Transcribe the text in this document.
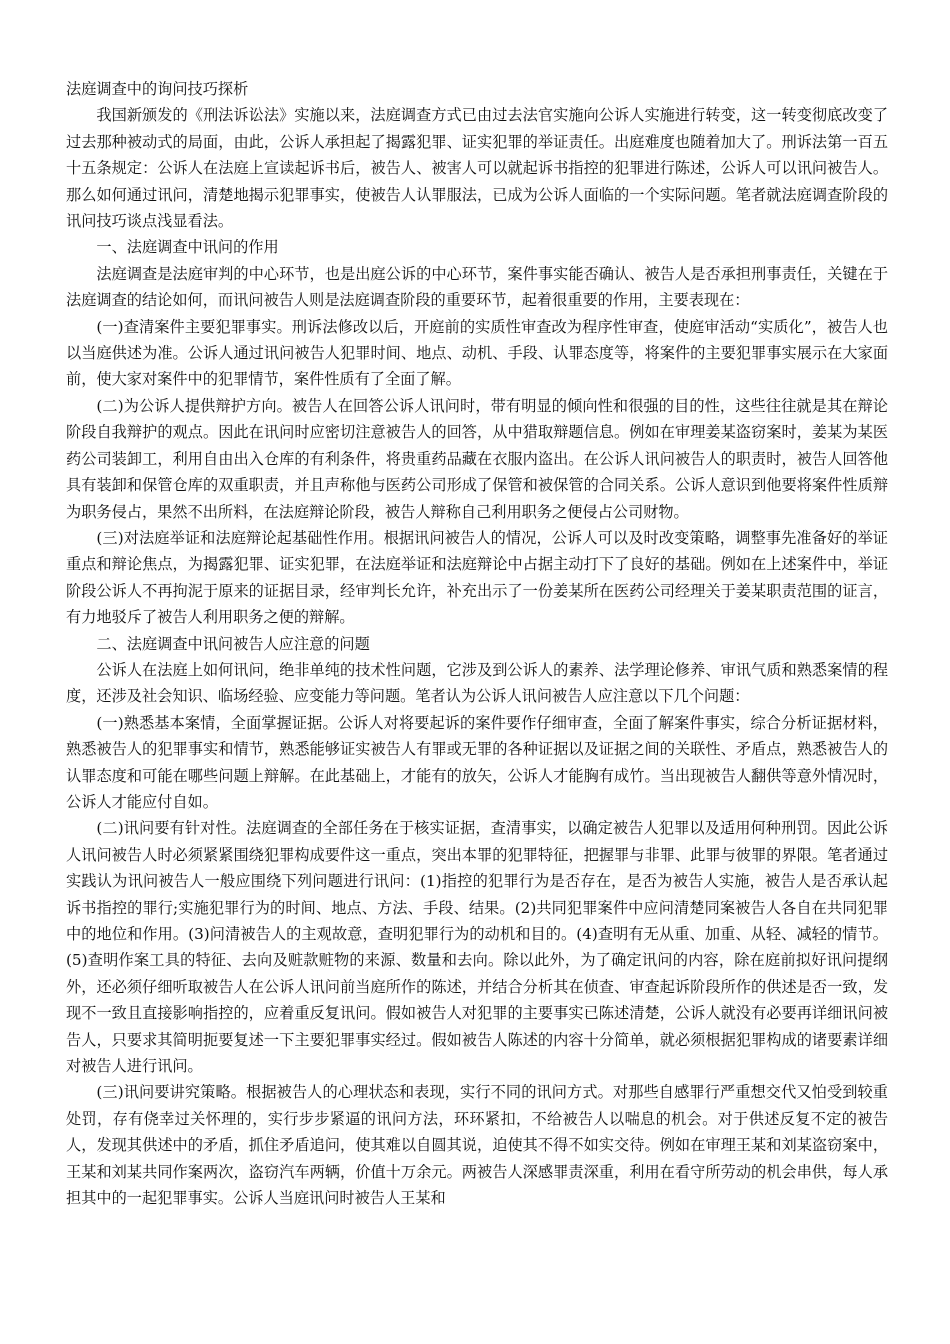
法庭调查中的询问技巧探析

我国新颁发的《刑法诉讼法》实施以来，法庭调查方式已由过去法官实施向公诉人实施进行转变，这一转变彻底改变了过去那种被动式的局面，由此，公诉人承担起了揭露犯罪、证实犯罪的举证责任。出庭难度也随着加大了。刑诉法第一百五十五条规定：公诉人在法庭上宣读起诉书后，被告人、被害人可以就起诉书指控的犯罪进行陈述，公诉人可以讯问被告人。那么如何通过讯问，清楚地揭示犯罪事实，使被告人认罪服法，已成为公诉人面临的一个实际问题。笔者就法庭调查阶段的讯问技巧谈点浅显看法。

一、法庭调查中讯问的作用

法庭调查是法庭审判的中心环节，也是出庭公诉的中心环节，案件事实能否确认、被告人是否承担刑事责任，关键在于法庭调查的结论如何，而讯问被告人则是法庭调查阶段的重要环节，起着很重要的作用，主要表现在：

(一)查清案件主要犯罪事实。刑诉法修改以后，开庭前的实质性审查改为程序性审查，使庭审活动“实质化”，被告人也以当庭供述为准。公诉人通过讯问被告人犯罪时间、地点、动机、手段、认罪态度等，将案件的主要犯罪事实展示在大家面前，使大家对案件中的犯罪情节，案件性质有了全面了解。

(二)为公诉人提供辩护方向。被告人在回答公诉人讯问时，带有明显的倾向性和很强的目的性，这些往往就是其在辩论阶段自我辩护的观点。因此在讯问时应密切注意被告人的回答，从中猎取辩题信息。例如在审理姜某盗窃案时，姜某为某医药公司装卸工，利用自由出入仓库的有利条件，将贵重药品藏在衣服内盗出。在公诉人讯问被告人的职责时，被告人回答他具有装卸和保管仓库的双重职责，并且声称他与医药公司形成了保管和被保管的合同关系。公诉人意识到他要将案件性质辩为职务侵占，果然不出所料，在法庭辩论阶段，被告人辩称自己利用职务之便侵占公司财物。

(三)对法庭举证和法庭辩论起基础性作用。根据讯问被告人的情况，公诉人可以及时改变策略，调整事先准备好的举证重点和辩论焦点，为揭露犯罪、证实犯罪，在法庭举证和法庭辩论中占据主动打下了良好的基础。例如在上述案件中，举证阶段公诉人不再拘泥于原来的证据目录，经审判长允许，补充出示了一份姜某所在医药公司经理关于姜某职责范围的证言，有力地驳斥了被告人利用职务之便的辩解。

二、法庭调查中讯问被告人应注意的问题

公诉人在法庭上如何讯问，绝非单纯的技术性问题，它涉及到公诉人的素养、法学理论修养、审讯气质和熟悉案情的程度，还涉及社会知识、临场经验、应变能力等问题。笔者认为公诉人讯问被告人应注意以下几个问题：

(一)熟悉基本案情，全面掌握证据。公诉人对将要起诉的案件要作仔细审查，全面了解案件事实，综合分析证据材料，熟悉被告人的犯罪事实和情节，熟悉能够证实被告人有罪或无罪的各种证据以及证据之间的关联性、矛盾点，熟悉被告人的认罪态度和可能在哪些问题上辩解。在此基础上，才能有的放矢，公诉人才能胸有成竹。当出现被告人翻供等意外情况时，公诉人才能应付自如。

(二)讯问要有针对性。法庭调查的全部任务在于核实证据，查清事实，以确定被告人犯罪以及适用何种刑罚。因此公诉人讯问被告人时必须紧紧围绕犯罪构成要件这一重点，突出本罪的犯罪特征，把握罪与非罪、此罪与彼罪的界限。笔者通过实践认为讯问被告人一般应围绕下列问题进行讯问：(1)指控的犯罪行为是否存在，是否为被告人实施，被告人是否承认起诉书指控的罪行;实施犯罪行为的时间、地点、方法、手段、结果。(2)共同犯罪案件中应问清楚同案被告人各自在共同犯罪中的地位和作用。(3)问清被告人的主观故意，查明犯罪行为的动机和目的。(4)查明有无从重、加重、从轻、减轻的情节。(5)查明作案工具的特征、去向及赃款赃物的来源、数量和去向。除以此外，为了确定讯问的内容，除在庭前拟好讯问提纲外，还必须仔细听取被告人在公诉人讯问前当庭所作的陈述，并结合分析其在侦查、审查起诉阶段所作的供述是否一致，发现不一致且直接影响指控的，应着重反复讯问。假如被告人对犯罪的主要事实已陈述清楚，公诉人就没有必要再详细讯问被告人，只要求其简明扼要复述一下主要犯罪事实经过。假如被告人陈述的内容十分简单，就必须根据犯罪构成的诸要素详细对被告人进行讯问。

(三)讯问要讲究策略。根据被告人的心理状态和表现，实行不同的讯问方式。对那些自感罪行严重想交代又怕受到较重处罚，存有侥幸过关怀理的，实行步步紧逼的讯问方法，环环紧扣，不给被告人以喘息的机会。对于供述反复不定的被告人，发现其供述中的矛盾，抓住矛盾追问，使其难以自圆其说，迫使其不得不如实交待。例如在审理王某和刘某盗窃案中，王某和刘某共同作案两次，盗窃汽车两辆，价值十万余元。两被告人深感罪责深重，利用在看守所劳动的机会串供，每人承担其中的一起犯罪事实。公诉人当庭讯问时被告人王某和
